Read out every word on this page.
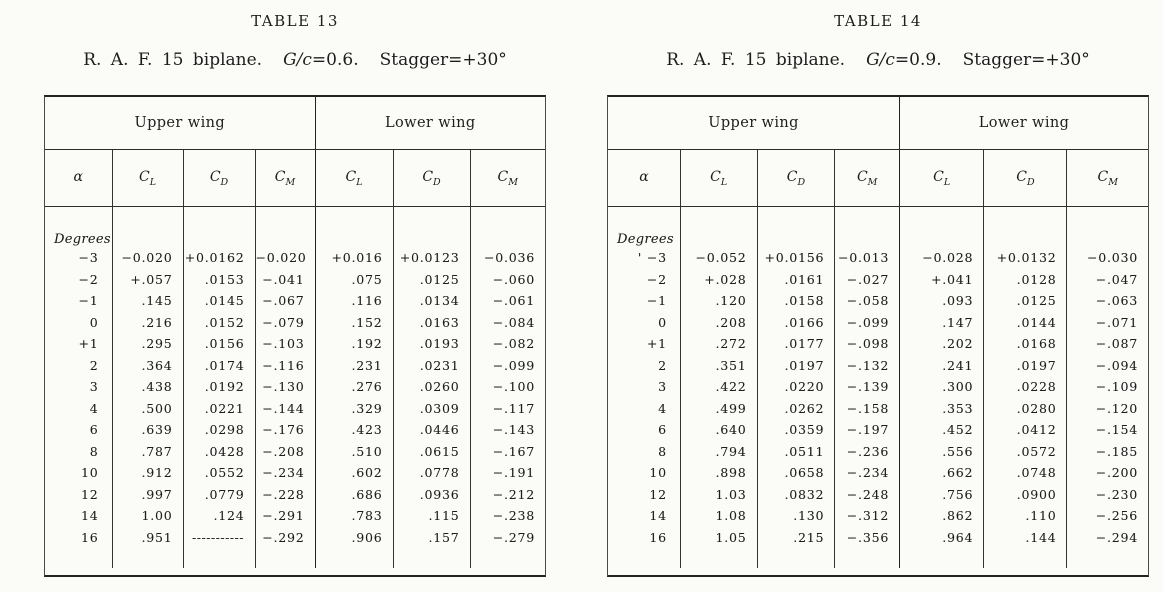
TABLE 13
R. A. F. 15 biplane. G/c=0.6. Stagger=+30°
Upper wing				Lower wing		
α	$C_L$	$C_D$	$C_M$	$C_L$	$C_D$	$C_M$
Degrees						
−3	−0.020	+0.0162	−0.020	+0.016	+0.0123	−0.036
−2	+.057	.0153	−.041	.075	.0125	−.060
−1	.145	.0145	−.067	.116	.0134	−.061
0	.216	.0152	−.079	.152	.0163	−.084
+1	.295	.0156	−.103	.192	.0193	−.082
2	.364	.0174	−.116	.231	.0231	−.099
3	.438	.0192	−.130	.276	.0260	−.100
4	.500	.0221	−.144	.329	.0309	−.117
6	.639	.0298	−.176	.423	.0446	−.143
8	.787	.0428	−.208	.510	.0615	−.167
10	.912	.0552	−.234	.602	.0778	−.191
12	.997	.0779	−.228	.686	.0936	−.212
14	1.00	.124	−.291	.783	.115	−.238
16	.951	-----------	−.292	.906	.157	−.279

TABLE 14
R. A. F. 15 biplane. G/c=0.9. Stagger=+30°
Upper wing				Lower wing		
α	$C_L$	$C_D$	$C_M$	$C_L$	$C_D$	$C_M$
Degrees						
' −3	−0.052	+0.0156	−0.013	−0.028	+0.0132	−0.030
−2	+.028	.0161	−.027	+.041	.0128	−.047
−1	.120	.0158	−.058	.093	.0125	−.063
0	.208	.0166	−.099	.147	.0144	−.071
+1	.272	.0177	−.098	.202	.0168	−.087
2	.351	.0197	−.132	.241	.0197	−.094
3	.422	.0220	−.139	.300	.0228	−.109
4	.499	.0262	−.158	.353	.0280	−.120
6	.640	.0359	−.197	.452	.0412	−.154
8	.794	.0511	−.236	.556	.0572	−.185
10	.898	.0658	−.234	.662	.0748	−.200
12	1.03	.0832	−.248	.756	.0900	−.230
14	1.08	.130	−.312	.862	.110	−.256
16	1.05	.215	−.356	.964	.144	−.294
